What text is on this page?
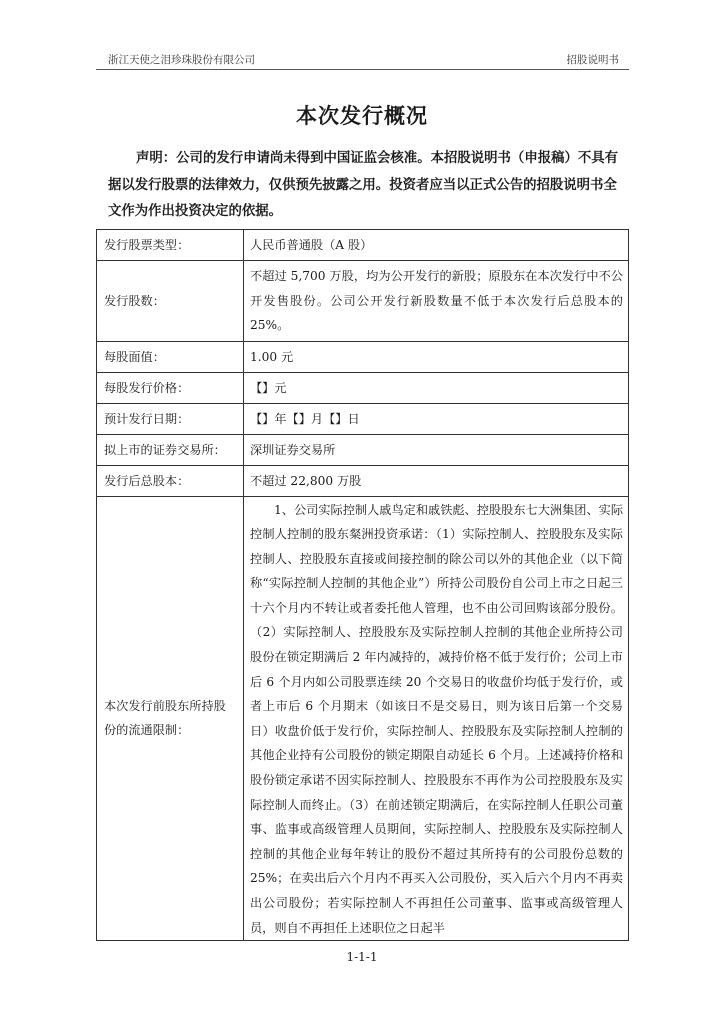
浙江天使之泪珍珠股份有限公司	招股说明书
本次发行概况

声明：公司的发行申请尚未得到中国证监会核准。本招股说明书（申报稿）不具有据以发行股票的法律效力，仅供预先披露之用。投资者应当以正式公告的招股说明书全文作为作出投资决定的依据。

发行股票类型：	人民币普通股（A 股）
发行股数：	不超过 5,700 万股，均为公开发行的新股；原股东在本次发行中不公开发售股份。公司公开发行新股数量不低于本次发行后总股本的 25%。
每股面值：	1.00 元
每股发行价格：	【】元
预计发行日期：	【】年【】月【】日
拟上市的证券交易所：	深圳证券交易所
发行后总股本：	不超过 22,800 万股
本次发行前股东所持股份的流通限制：	1、公司实际控制人戚鸟定和戚铁彪、控股股东七大洲集团、实际控制人控制的股东粲洲投资承诺：（1）实际控制人、控股股东及实际控制人、控股股东直接或间接控制的除公司以外的其他企业（以下简称“实际控制人控制的其他企业”）所持公司股份自公司上市之日起三十六个月内不转让或者委托他人管理，也不由公司回购该部分股份。（2）实际控制人、控股股东及实际控制人控制的其他企业所持公司股份在锁定期满后 2 年内减持的，减持价格不低于发行价；公司上市后 6 个月内如公司股票连续 20 个交易日的收盘价均低于发行价，或者上市后 6 个月期末（如该日不是交易日，则为该日后第一个交易日）收盘价低于发行价，实际控制人、控股股东及实际控制人控制的其他企业持有公司股份的锁定期限自动延长 6 个月。上述减持价格和股份锁定承诺不因实际控制人、控股股东不再作为公司控股股东及实际控制人而终止。（3）在前述锁定期满后，在实际控制人任职公司董事、监事或高级管理人员期间，实际控制人、控股股东及实际控制人控制的其他企业每年转让的股份不超过其所持有的公司股份总数的 25%；在卖出后六个月内不再买入公司股份，买入后六个月内不再卖出公司股份；若实际控制人不再担任公司董事、监事或高级管理人员，则自不再担任上述职位之日起半

1-1-1
